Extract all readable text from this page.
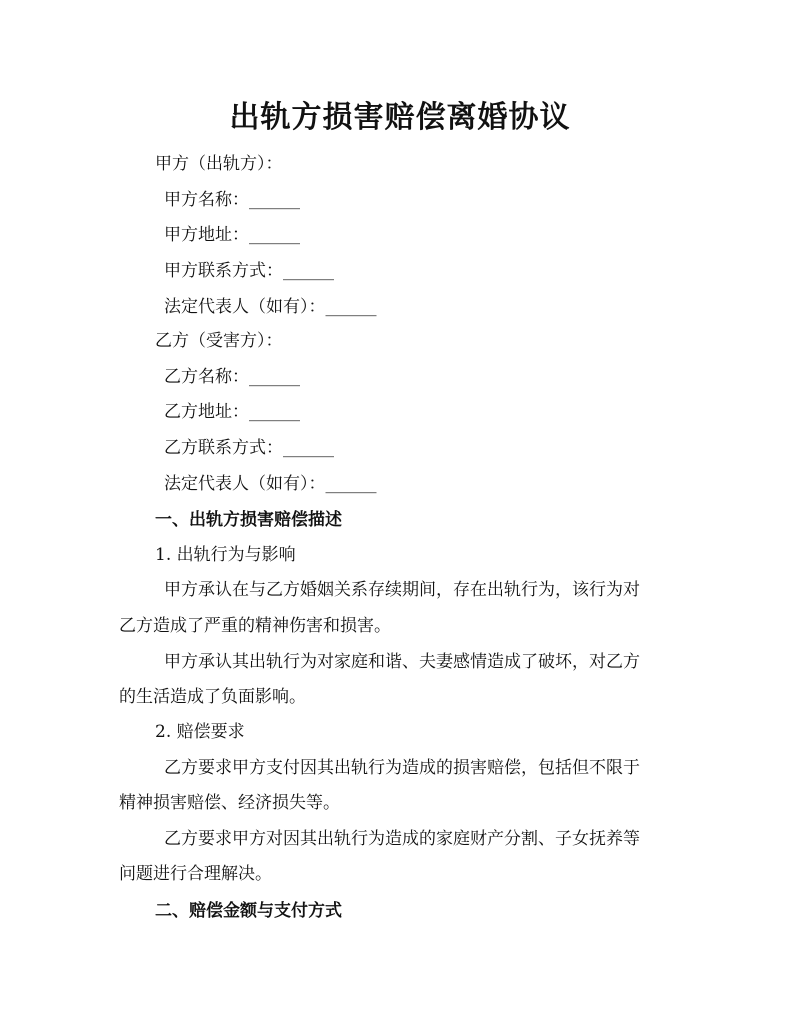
出轨方损害赔偿离婚协议
甲方（出轨方）：
甲方名称：______
甲方地址：______
甲方联系方式：______
法定代表人（如有）：______
乙方（受害方）：
乙方名称：______
乙方地址：______
乙方联系方式：______
法定代表人（如有）：______
一、出轨方损害赔偿描述
1. 出轨行为与影响
甲方承认在与乙方婚姻关系存续期间，存在出轨行为，该行为对
乙方造成了严重的精神伤害和损害。
甲方承认其出轨行为对家庭和谐、夫妻感情造成了破坏，对乙方
的生活造成了负面影响。
2. 赔偿要求
乙方要求甲方支付因其出轨行为造成的损害赔偿，包括但不限于
精神损害赔偿、经济损失等。
乙方要求甲方对因其出轨行为造成的家庭财产分割、子女抚养等
问题进行合理解决。
二、赔偿金额与支付方式
